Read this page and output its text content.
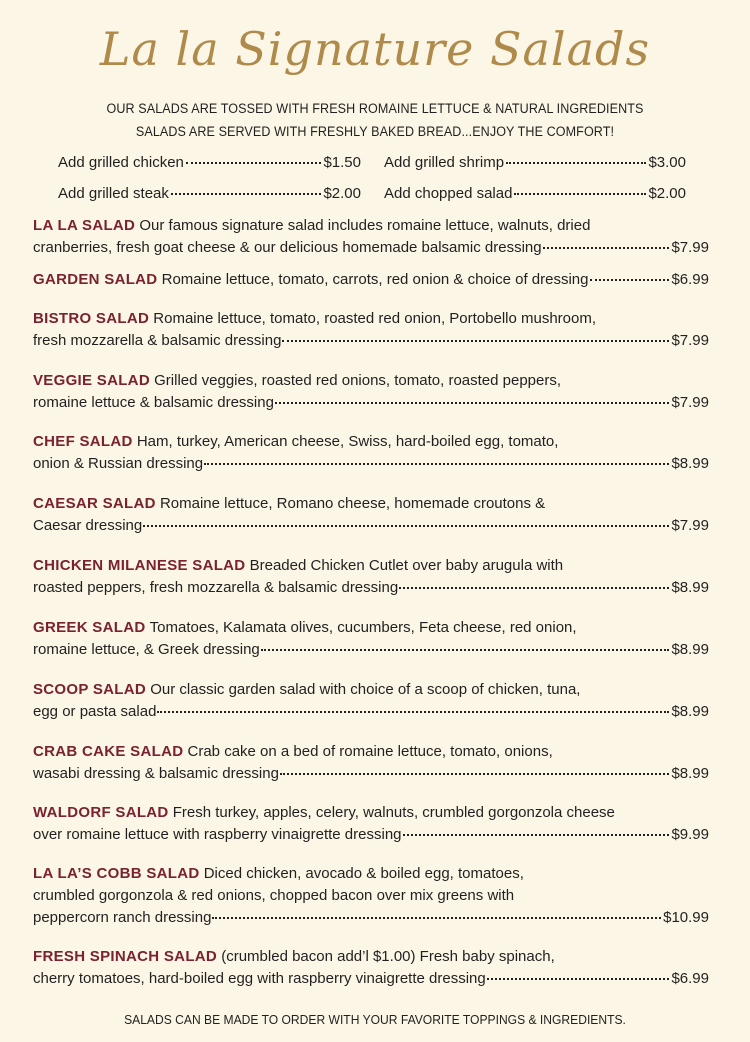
La la Signature Salads
OUR SALADS ARE TOSSED WITH FRESH ROMAINE LETTUCE & NATURAL INGREDIENTS
SALADS ARE SERVED WITH FRESHLY BAKED BREAD...ENJOY THE COMFORT!
Add grilled chicken	$1.50 Add grilled shrimp	$3.00
Add grilled steak	$2.00 Add chopped salad	$2.00
LA LA SALAD
Our famous signature salad includes romaine lettuce, walnuts, dried
cranberries, fresh goat cheese & our delicious homemade balsamic dressing	$7.99
GARDEN SALAD
Romaine lettuce, tomato, carrots, red onion & choice of dressing	$6.99
BISTRO SALAD
Romaine lettuce, tomato, roasted red onion, Portobello mushroom,
fresh mozzarella & balsamic dressing	$7.99
VEGGIE SALAD
Grilled veggies, roasted red onions, tomato, roasted peppers,
romaine lettuce & balsamic dressing	$7.99
CHEF SALAD
Ham, turkey, American cheese, Swiss, hard-boiled egg, tomato,
onion & Russian dressing	$8.99
CAESAR SALAD
Romaine lettuce, Romano cheese, homemade croutons &
Caesar dressing	$7.99
CHICKEN MILANESE SALAD
Breaded Chicken Cutlet over baby arugula with
roasted peppers, fresh mozzarella & balsamic dressing	$8.99
GREEK SALAD
Tomatoes, Kalamata olives, cucumbers, Feta cheese, red onion,
romaine lettuce, & Greek dressing	$8.99
SCOOP SALAD
Our classic garden salad with choice of a scoop of chicken, tuna,
egg or pasta salad	$8.99
CRAB CAKE SALAD
Crab cake on a bed of romaine lettuce, tomato, onions,
wasabi dressing & balsamic dressing	$8.99
WALDORF SALAD
Fresh turkey, apples, celery, walnuts, crumbled gorgonzola cheese
over romaine lettuce with raspberry vinaigrette dressing	$9.99
LA LA’S COBB SALAD
Diced chicken, avocado & boiled egg, tomatoes,
crumbled gorgonzola & red onions, chopped bacon over mix greens with
peppercorn ranch dressing	$10.99
FRESH SPINACH SALAD
(crumbled bacon add’l $1.00) Fresh baby spinach,
cherry tomatoes, hard-boiled egg with raspberry vinaigrette dressing	$6.99
SALADS CAN BE MADE TO ORDER WITH YOUR FAVORITE TOPPINGS & INGREDIENTS.
